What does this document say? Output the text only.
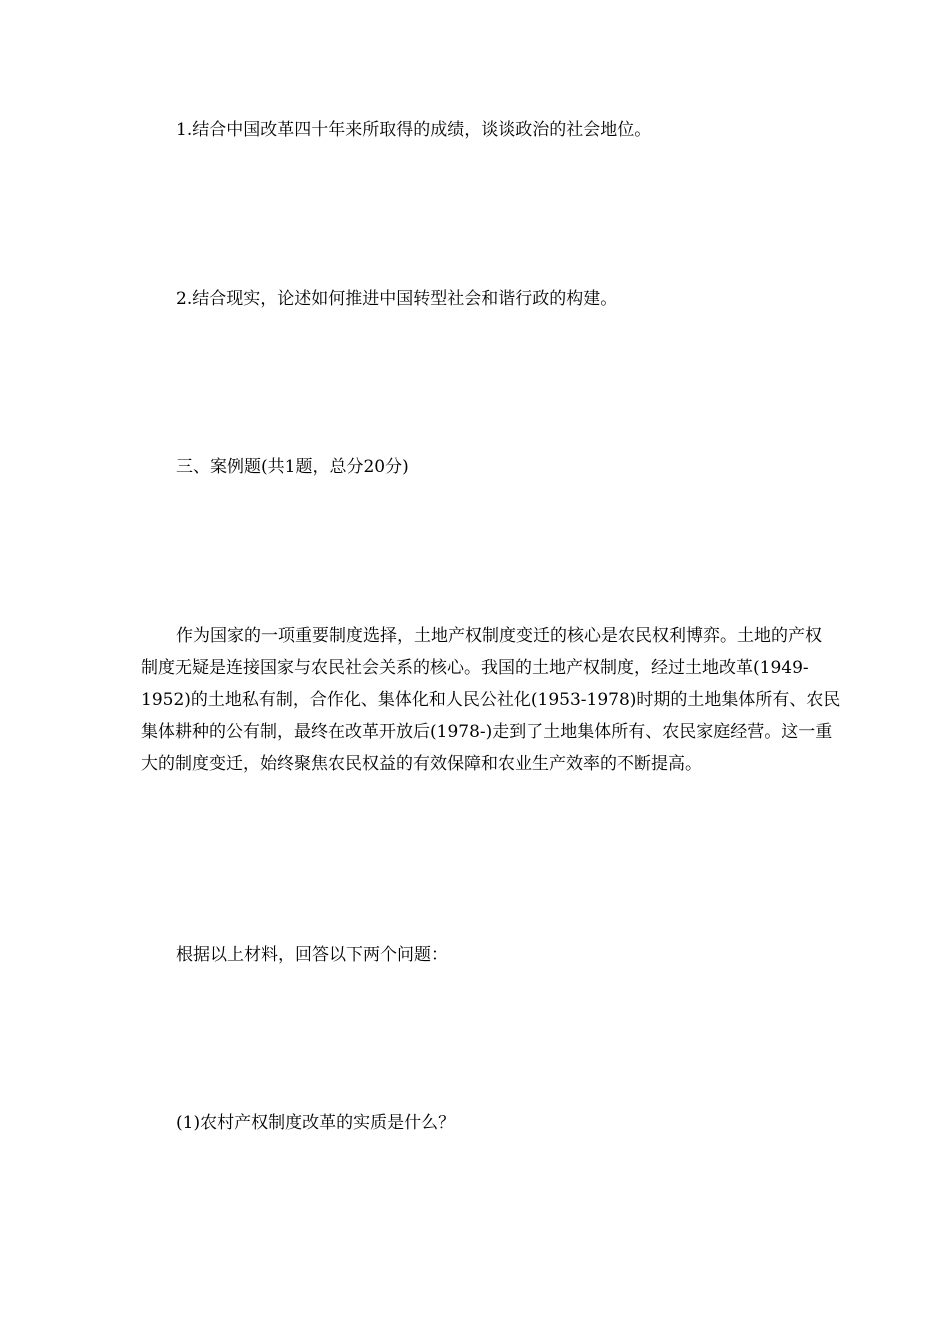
1.结合中国改革四十年来所取得的成绩，谈谈政治的社会地位。

2.结合现实，论述如何推进中国转型社会和谐行政的构建。

三、案例题(共1题，总分20分)

作为国家的一项重要制度选择，土地产权制度变迁的核心是农民权利博弈。土地的产权
制度无疑是连接国家与农民社会关系的核心。我国的土地产权制度，经过土地改革(1949-
1952)的土地私有制，合作化、集体化和人民公社化(1953-1978)时期的土地集体所有、农民
集体耕种的公有制，最终在改革开放后(1978-)走到了土地集体所有、农民家庭经营。这一重
大的制度变迁，始终聚焦农民权益的有效保障和农业生产效率的不断提高。

根据以上材料，回答以下两个问题：

(1)农村产权制度改革的实质是什么？
